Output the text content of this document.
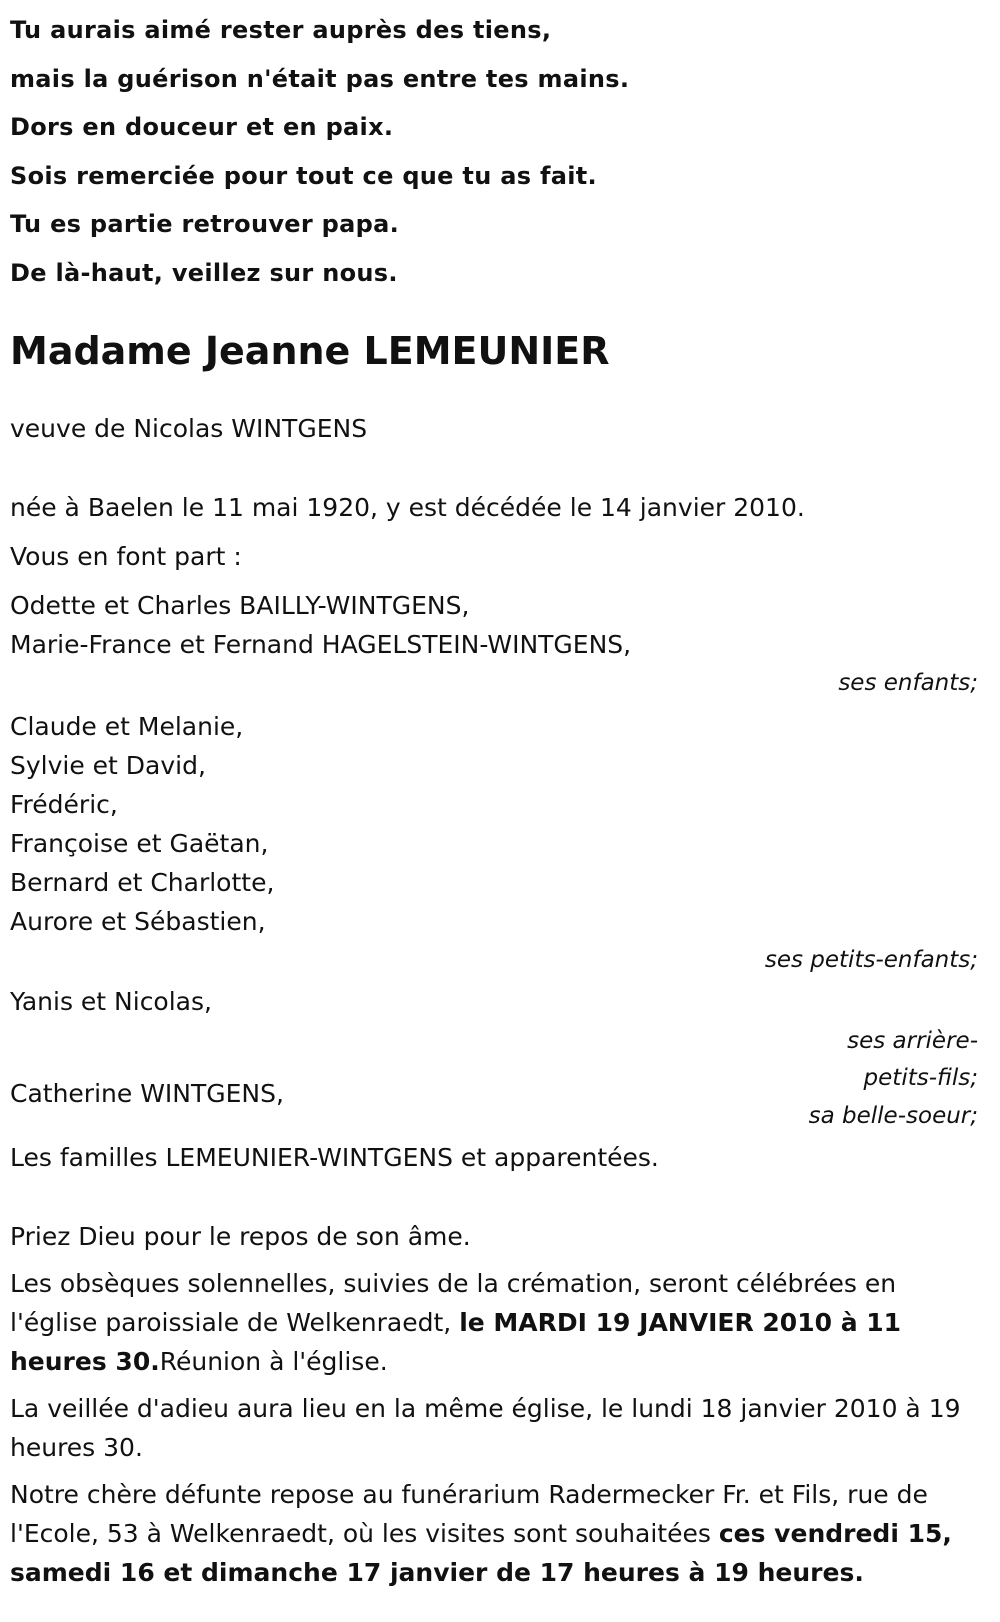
Tu aurais aimé rester auprès des tiens,
mais la guérison n'était pas entre tes mains.
Dors en douceur et en paix.
Sois remerciée pour tout ce que tu as fait.
Tu es partie retrouver papa.
De là-haut, veillez sur nous.
Madame Jeanne LEMEUNIER
veuve de Nicolas WINTGENS
née à Baelen le 11 mai 1920, y est décédée le 14 janvier 2010.
Vous en font part :
Odette et Charles BAILLY-WINTGENS,
Marie-France et Fernand HAGELSTEIN-WINTGENS,
ses enfants;
Claude et Melanie,
Sylvie et David,
Frédéric,
Françoise et Gaëtan,
Bernard et Charlotte,
Aurore et Sébastien,
ses petits-enfants;
Yanis et Nicolas,
ses arrière-
petits-fils;
Catherine WINTGENS,
sa belle-soeur;
Les familles LEMEUNIER-WINTGENS et apparentées.
Priez Dieu pour le repos de son âme.
Les obsèques solennelles, suivies de la crémation, seront célébrées en l'église paroissiale de Welkenraedt, le MARDI 19 JANVIER 2010 à 11 heures 30.Réunion à l'église.
La veillée d'adieu aura lieu en la même église, le lundi 18 janvier 2010 à 19 heures 30.
Notre chère défunte repose au funérarium Radermecker Fr. et Fils, rue de l'Ecole, 53 à Welkenraedt, où les visites sont souhaitées ces vendredi 15, samedi 16 et dimanche 17 janvier de 17 heures à 19 heures.
